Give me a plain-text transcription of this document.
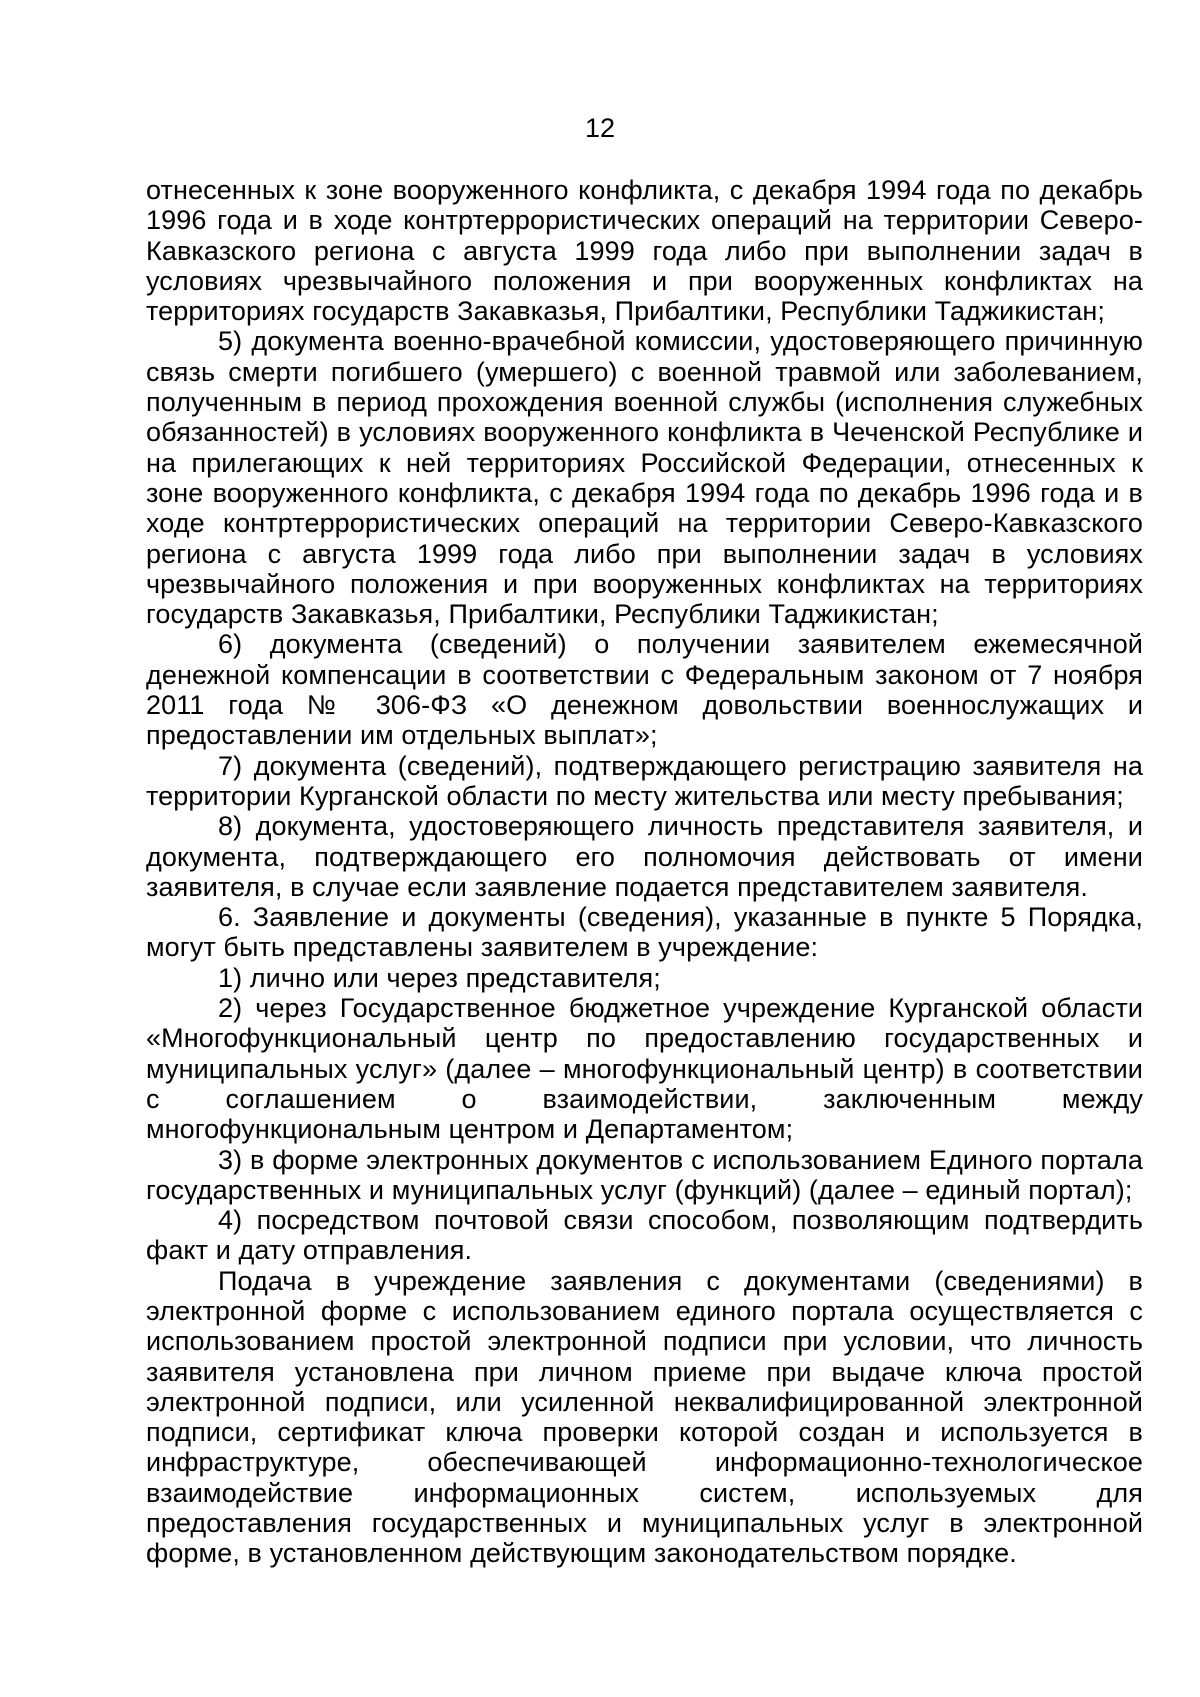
12

отнесенных к зоне вооруженного конфликта, с декабря 1994 года по декабрь 1996 года и в ходе контртеррористических операций на территории Северо-Кавказского региона с августа 1999 года либо при выполнении задач в условиях чрезвычайного положения и при вооруженных конфликтах на территориях государств Закавказья, Прибалтики, Республики Таджикистан;

5) документа военно-врачебной комиссии, удостоверяющего причинную связь смерти погибшего (умершего) с военной травмой или заболеванием, полученным в период прохождения военной службы (исполнения служебных обязанностей) в условиях вооруженного конфликта в Чеченской Республике и на прилегающих к ней территориях Российской Федерации, отнесенных к зоне вооруженного конфликта, с декабря 1994 года по декабрь 1996 года и в ходе контртеррористических операций на территории Северо-Кавказского региона с августа 1999 года либо при выполнении задач в условиях чрезвычайного положения и при вооруженных конфликтах на территориях государств Закавказья, Прибалтики, Республики Таджикистан;

6) документа (сведений) о получении заявителем ежемесячной денежной компенсации в соответствии с Федеральным законом от 7 ноября 2011 года № 306-ФЗ «О денежном довольствии военнослужащих и предоставлении им отдельных выплат»;

7) документа (сведений), подтверждающего регистрацию заявителя на территории Курганской области по месту жительства или месту пребывания;

8) документа, удостоверяющего личность представителя заявителя, и документа, подтверждающего его полномочия действовать от имени заявителя, в случае если заявление подается представителем заявителя.

6. Заявление и документы (сведения), указанные в пункте 5 Порядка, могут быть представлены заявителем в учреждение:

1) лично или через представителя;

2) через Государственное бюджетное учреждение Курганской области «Многофункциональный центр по предоставлению государственных и муниципальных услуг» (далее – многофункциональный центр) в соответствии с соглашением о взаимодействии, заключенным между многофункциональным центром и Департаментом;

3) в форме электронных документов с использованием Единого портала государственных и муниципальных услуг (функций) (далее – единый портал);

4) посредством почтовой связи способом, позволяющим подтвердить факт и дату отправления.

Подача в учреждение заявления с документами (сведениями) в электронной форме с использованием единого портала осуществляется с использованием простой электронной подписи при условии, что личность заявителя установлена при личном приеме при выдаче ключа простой электронной подписи, или усиленной неквалифицированной электронной подписи, сертификат ключа проверки которой создан и используется в инфраструктуре, обеспечивающей информационно-технологическое взаимодействие информационных систем, используемых для предоставления государственных и муниципальных услуг в электронной форме, в установленном действующим законодательством порядке.
